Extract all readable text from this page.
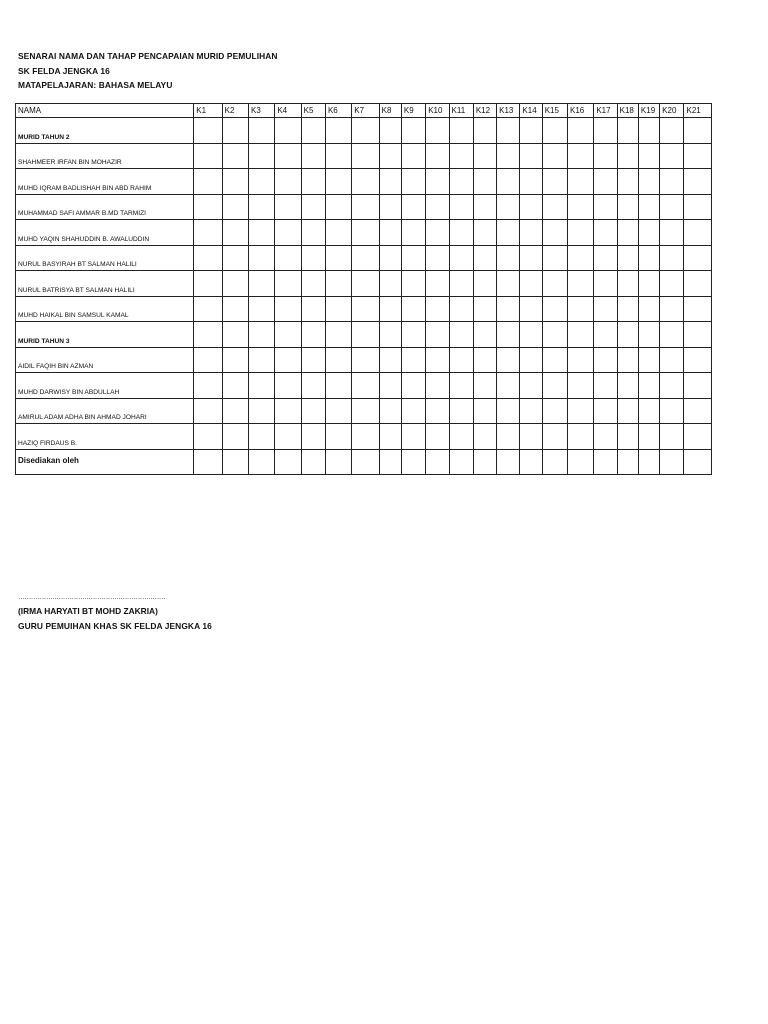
SENARAI NAMA DAN TAHAP PENCAPAIAN MURID PEMULIHAN
SK FELDA JENGKA 16
MATAPELAJARAN: BAHASA MELAYU
NAMA	K1	K2	K3	K4	K5	K6	K7	K8	K9	K10	K11	K12	K13	K14	K15	K16	K17	K18	K19	K20	K21
MURID TAHUN 2																					
SHAHMEER IRFAN BIN MOHAZIR																					
MUHD IQRAM BADLISHAH BIN ABD RAHIM																					
MUHAMMAD SAFI AMMAR B.MD TARMIZI																					
MUHD YAQIN SHAHUDDIN B. AWALUDDIN																					
NURUL BASYIRAH BT SALMAN HALILI																					
NURUL BATRISYA BT SALMAN HALILI																					
MUHD HAIKAL BIN SAMSUL KAMAL																					
MURID TAHUN 3																					
AIDIL FAQIH BIN AZMAN																					
MUHD DARWISY BIN ABDULLAH																					
AMIRUL ADAM ADHA BIN AHMAD JOHARI																					
HAZIQ FIRDAUS B.																					

Disediakan oleh
……………………………………………………………
(IRMA HARYATI BT MOHD ZAKRIA)
GURU PEMUIHAN KHAS SK FELDA JENGKA 16
